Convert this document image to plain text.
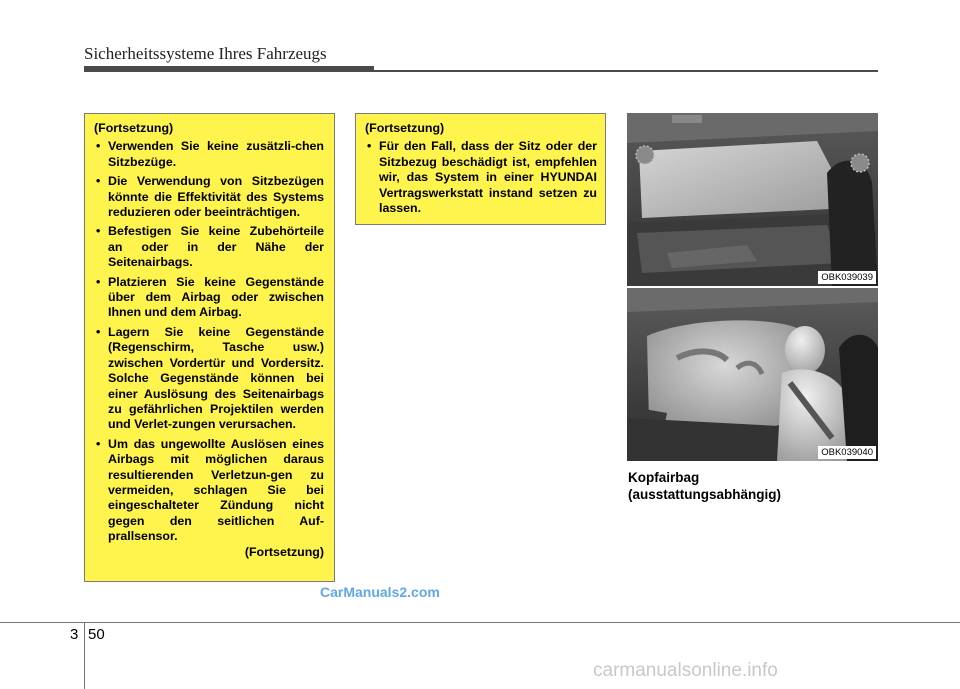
Sicherheitssysteme Ihres Fahrzeugs
(Fortsetzung)
• Verwenden Sie keine zusätzli-chen Sitzbezüge.
• Die Verwendung von Sitzbezügen könnte die Effektivität des Systems reduzieren oder beeinträchtigen.
• Befestigen Sie keine Zubehörteile an oder in der Nähe der Seitenairbags.
• Platzieren Sie keine Gegenstände über dem Airbag oder zwischen Ihnen und dem Airbag.
• Lagern Sie keine Gegenstände (Regenschirm, Tasche usw.) zwischen Vordertür und Vordersitz. Solche Gegenstände können bei einer Auslösung des Seitenairbags zu gefährlichen Projektilen werden und Verlet-zungen verursachen.
• Um das ungewollte Auslösen eines Airbags mit möglichen daraus resultierenden Verletzun-gen zu vermeiden, schlagen Sie bei eingeschalteter Zündung nicht gegen den seitlichen Auf-prallsensor.
(Fortsetzung)
(Fortsetzung)
• Für den Fall, dass der Sitz oder der Sitzbezug beschädigt ist, empfehlen wir, das System in einer HYUNDAI Vertragswerkstatt instand setzen zu lassen.
OBK039039
OBK039040
Kopfairbag
(ausstattungsabhängig)
CarManuals2.com
3 50
carmanualsonline.info
